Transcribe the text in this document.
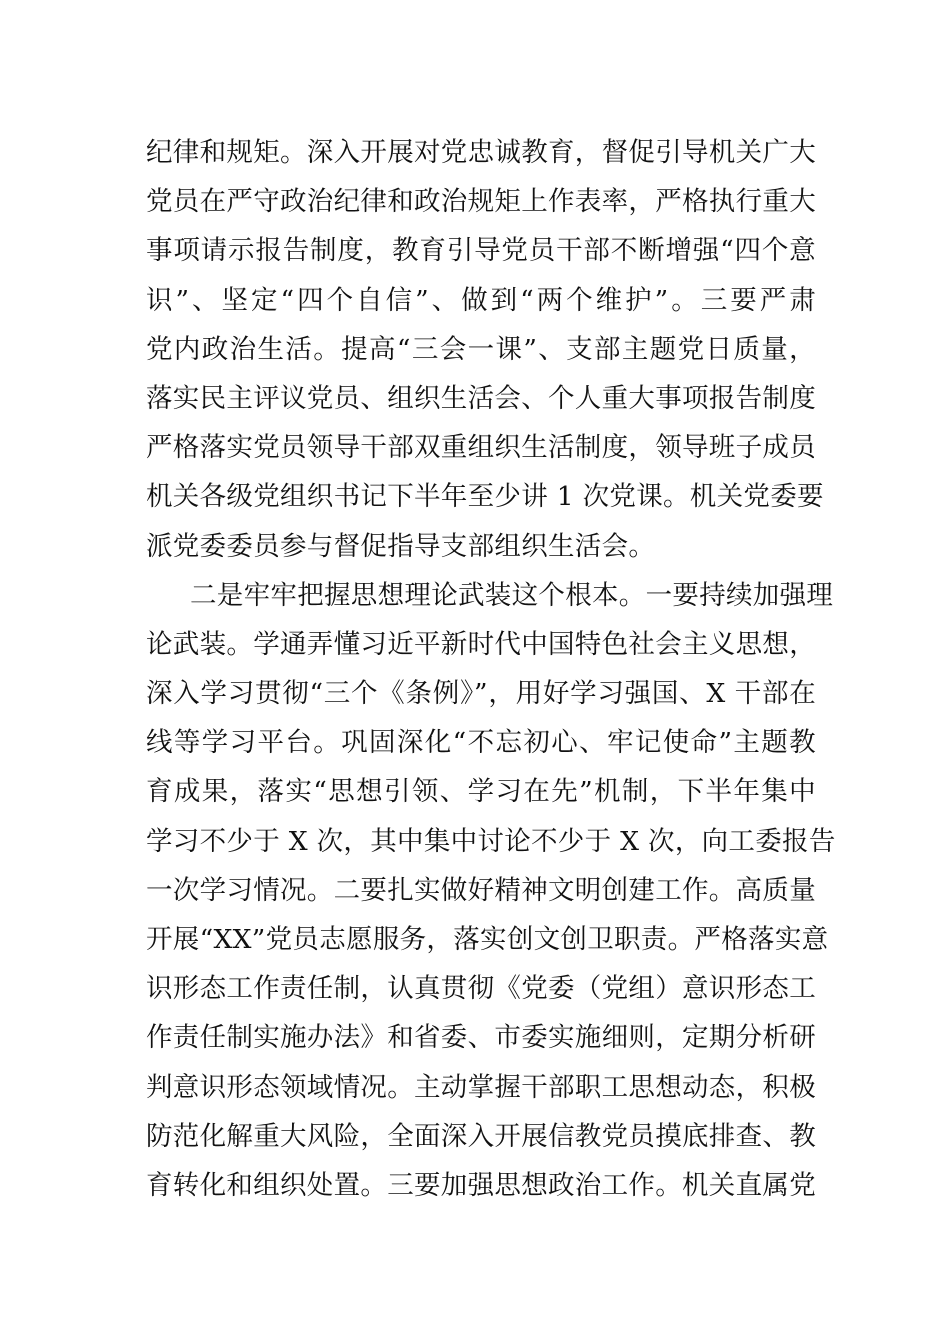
纪律和规矩。深入开展对党忠诚教育，督促引导机关广大
党员在严守政治纪律和政治规矩上作表率，严格执行重大
事项请示报告制度，教育引导党员干部不断增强“四个意
识”、坚定“四个自信”、做到“两个维护”。三要严肃
党内政治生活。提高“三会一课”、支部主题党日质量，
落实民主评议党员、组织生活会、个人重大事项报告制度
严格落实党员领导干部双重组织生活制度，领导班子成员
机关各级党组织书记下半年至少讲 1 次党课。机关党委要
派党委委员参与督促指导支部组织生活会。
二是牢牢把握思想理论武装这个根本。一要持续加强理
论武装。学通弄懂习近平新时代中国特色社会主义思想，
深入学习贯彻“三个《条例》”，用好学习强国、X 干部在
线等学习平台。巩固深化“不忘初心、牢记使命”主题教
育成果，落实“思想引领、学习在先”机制，下半年集中
学习不少于 X 次，其中集中讨论不少于 X 次，向工委报告
一次学习情况。二要扎实做好精神文明创建工作。高质量
开展“XX”党员志愿服务，落实创文创卫职责。严格落实意
识形态工作责任制，认真贯彻《党委（党组）意识形态工
作责任制实施办法》和省委、市委实施细则，定期分析研
判意识形态领域情况。主动掌握干部职工思想动态，积极
防范化解重大风险，全面深入开展信教党员摸底排查、教
育转化和组织处置。三要加强思想政治工作。机关直属党
